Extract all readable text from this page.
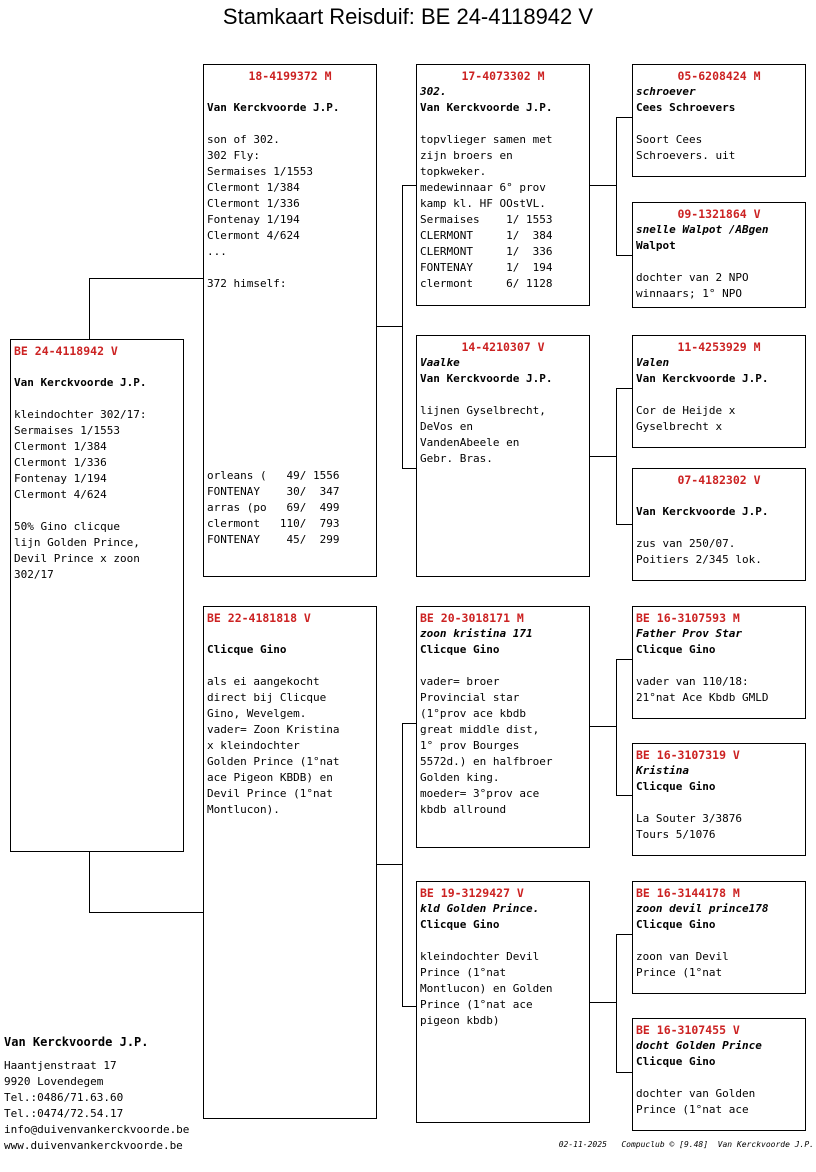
Stamkaart Reisduif: BE 24-4118942 V
BE 24-4118942 V
Van Kerckvoorde J.P.
kleindochter 302/17:
Sermaises 1/1553
Clermont 1/384
Clermont 1/336
Fontenay 1/194
Clermont 4/624

50% Gino clicque
lijn Golden Prince,
Devil Prince x zoon
302/17
18-4199372 M
Van Kerckvoorde J.P.
son of 302.
302 Fly:
Sermaises 1/1553
Clermont 1/384
Clermont 1/336
Fontenay 1/194
Clermont 4/624
...

372 himself:
orleans (   49/ 1556
FONTENAY    30/  347
arras (po   69/  499
clermont   110/  793
FONTENAY    45/  299
BE 22-4181818 V
Clicque Gino
als ei aangekocht
direct bij Clicque
Gino, Wevelgem.
vader= Zoon Kristina
x kleindochter
Golden Prince (1°nat
ace Pigeon KBDB) en
Devil Prince (1°nat
Montlucon).
17-4073302 M
302.
Van Kerckvoorde J.P.
topvlieger samen met
zijn broers en
topkweker.
medewinnaar 6° prov
kamp kl. HF OOstVL.
Sermaises    1/ 1553
CLERMONT     1/  384
CLERMONT     1/  336
FONTENAY     1/  194
clermont     6/ 1128
14-4210307 V
Vaalke
Van Kerckvoorde J.P.
lijnen Gyselbrecht,
DeVos en
VandenAbeele en
Gebr. Bras.
BE 20-3018171 M
zoon kristina 171
Clicque Gino
vader= broer
Provincial star
(1°prov ace kbdb
great middle dist,
1° prov Bourges
5572d.) en halfbroer
Golden king.
moeder= 3°prov ace
kbdb allround
BE 19-3129427 V
kld Golden Prince.
Clicque Gino
kleindochter Devil
Prince (1°nat
Montlucon) en Golden
Prince (1°nat ace
pigeon kbdb)
05-6208424 M
schroever
Cees Schroevers
Soort Cees
Schroevers. uit
09-1321864 V
snelle Walpot /ABgen
Walpot
dochter van 2 NPO
winnaars; 1° NPO
11-4253929 M
Valen
Van Kerckvoorde J.P.
Cor de Heijde x
Gyselbrecht x
07-4182302 V
Van Kerckvoorde J.P.
zus van 250/07.
Poitiers 2/345 lok.
BE 16-3107593 M
Father Prov Star
Clicque Gino
vader van 110/18:
21°nat Ace Kbdb GMLD
BE 16-3107319 V
Kristina
Clicque Gino
La Souter 3/3876
Tours 5/1076
BE 16-3144178 M
zoon devil prince178
Clicque Gino
zoon van Devil
Prince (1°nat
BE 16-3107455 V
docht Golden Prince
Clicque Gino
dochter van Golden
Prince (1°nat ace
Van Kerckvoorde J.P.
Haantjenstraat 17
9920 Lovendegem
Tel.:0486/71.63.60
Tel.:0474/72.54.17
info@duivenvankerckvoorde.be
www.duivenvankerckvoorde.be	02-11-2025   Compuclub © [9.48]  Van Kerckvoorde J.P.
